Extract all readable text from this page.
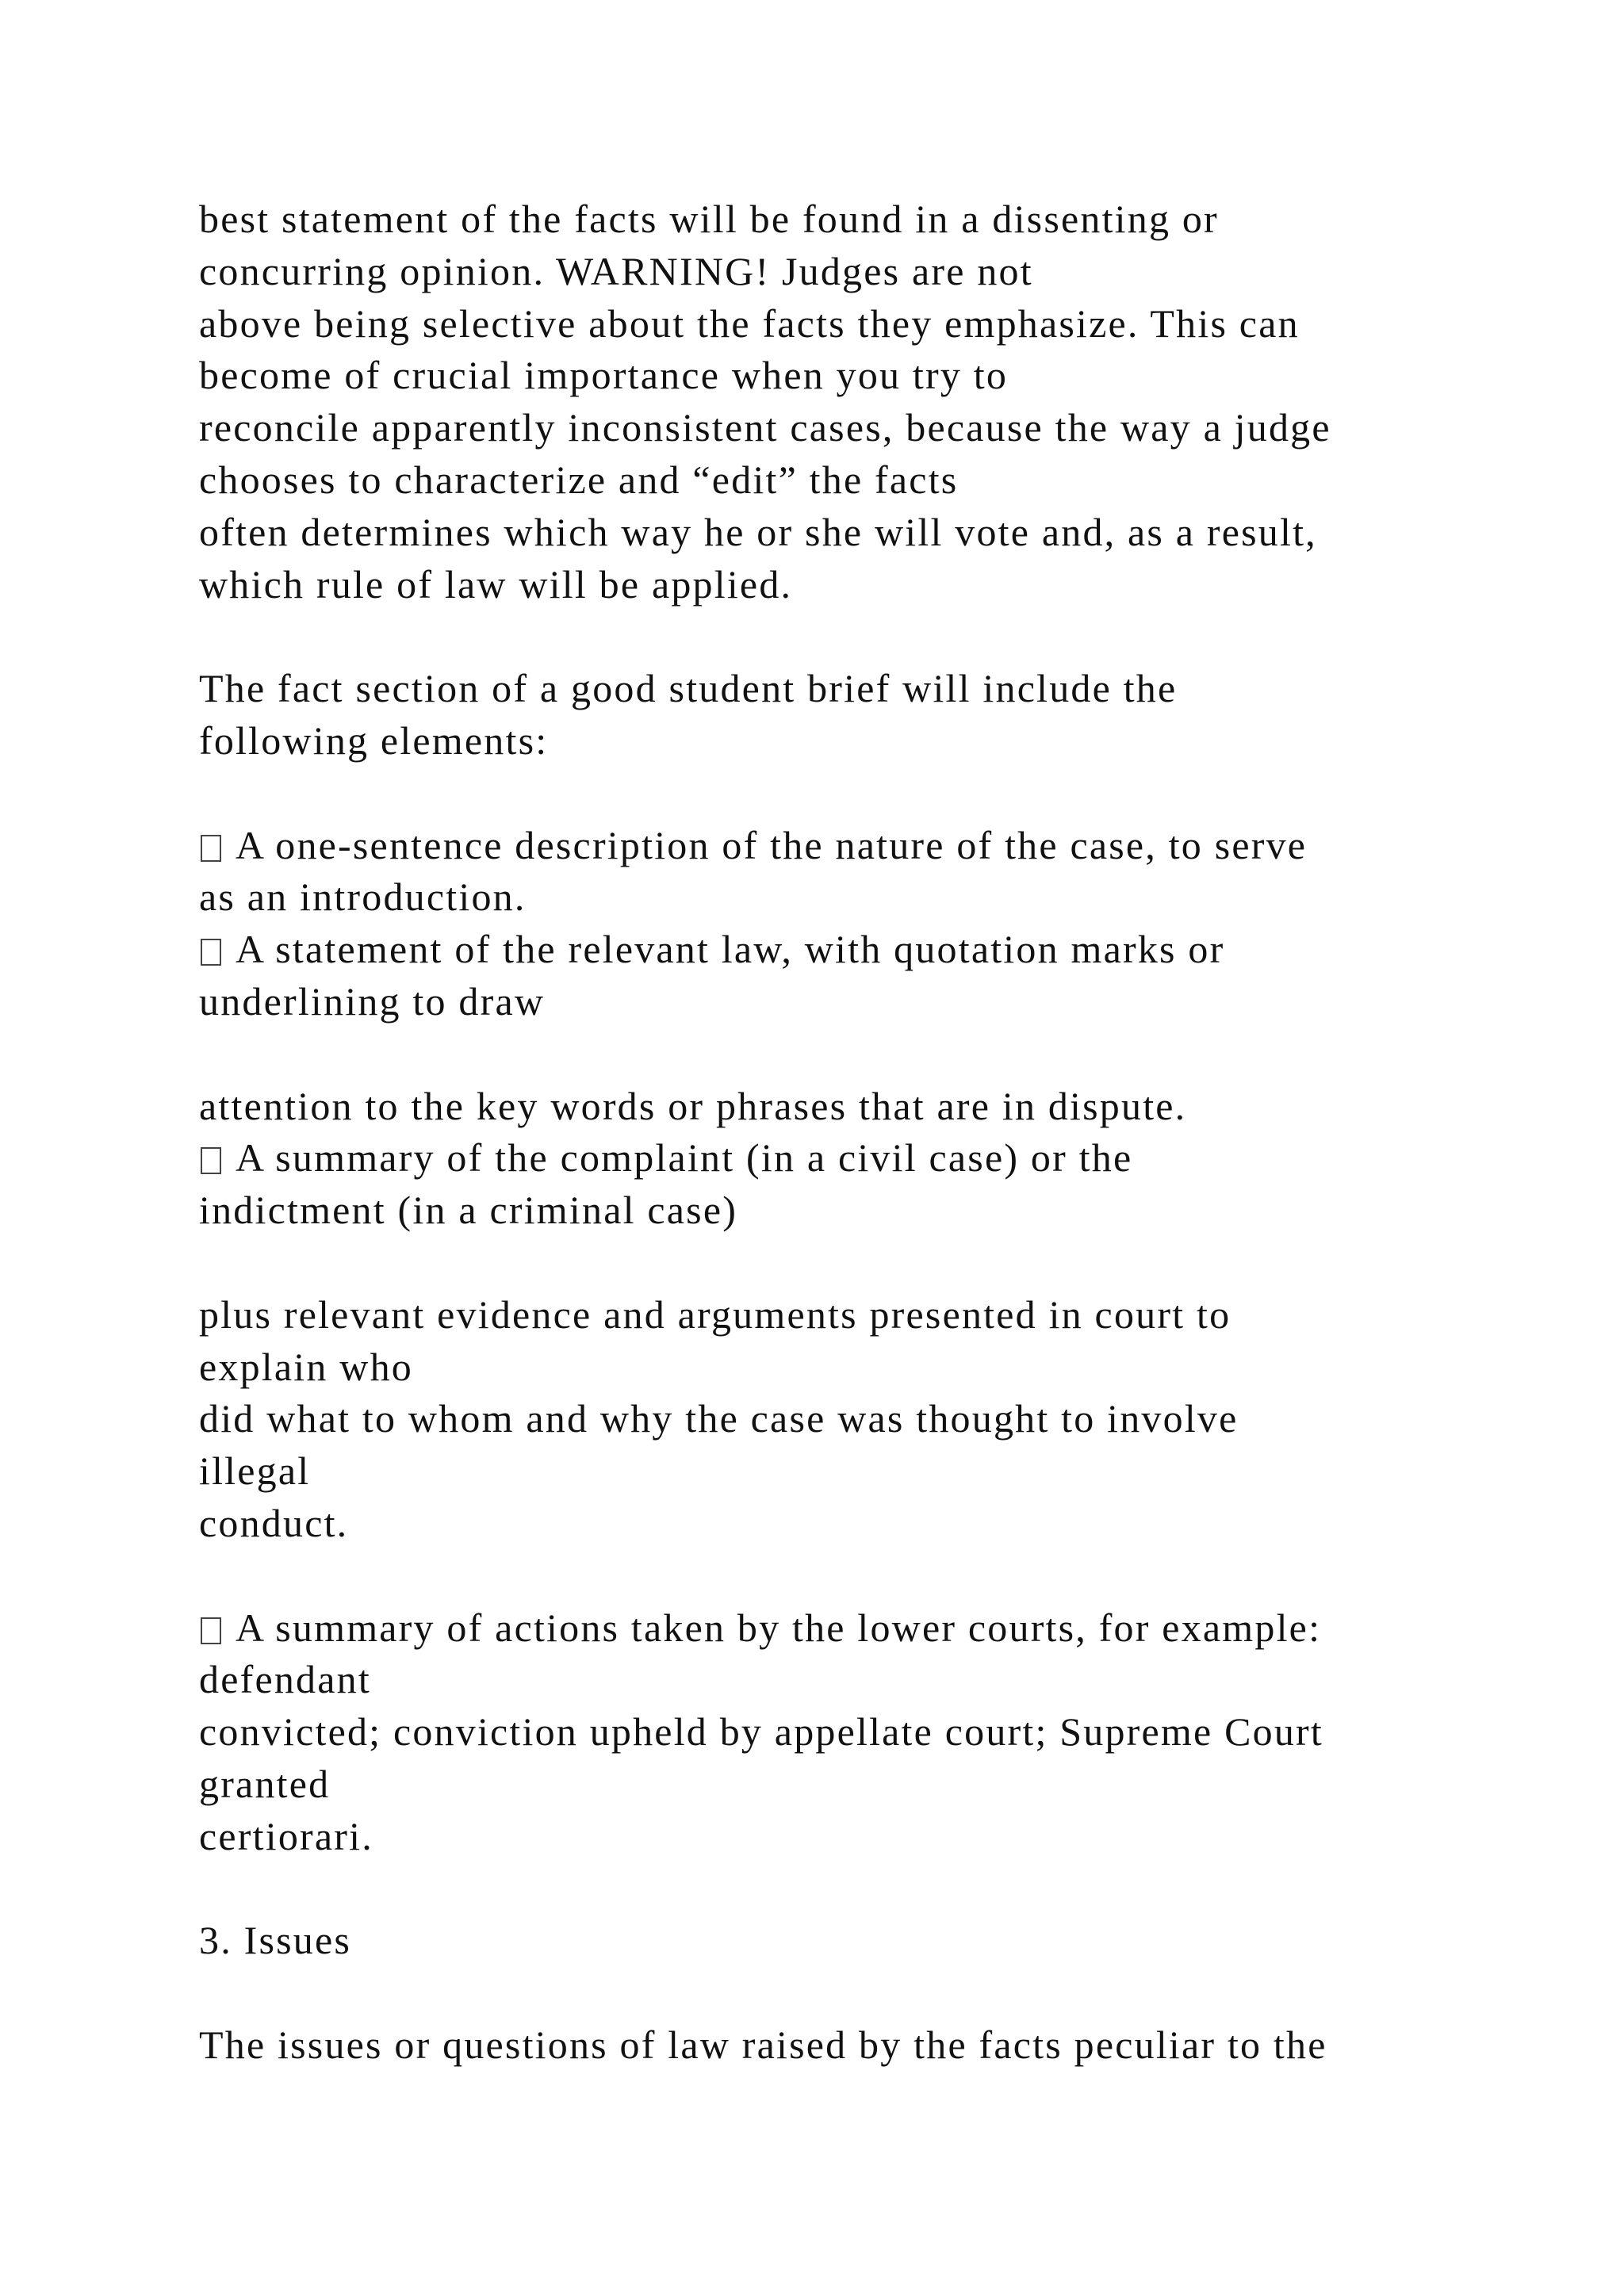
best statement of the facts will be found in a dissenting or
concurring opinion. WARNING! Judges are not
above being selective about the facts they emphasize. This can
become of crucial importance when you try to
reconcile apparently inconsistent cases, because the way a judge
chooses to characterize and “edit” the facts
often determines which way he or she will vote and, as a result,
which rule of law will be applied.
The fact section of a good student brief will include the
following elements:
A one-sentence description of the nature of the case, to serve
as an introduction.
A statement of the relevant law, with quotation marks or
underlining to draw
attention to the key words or phrases that are in dispute.
A summary of the complaint (in a civil case) or the
indictment (in a criminal case)
plus relevant evidence and arguments presented in court to
explain who
did what to whom and why the case was thought to involve
illegal
conduct.
A summary of actions taken by the lower courts, for example:
defendant
convicted; conviction upheld by appellate court; Supreme Court
granted
certiorari.
3. Issues
The issues or questions of law raised by the facts peculiar to the
